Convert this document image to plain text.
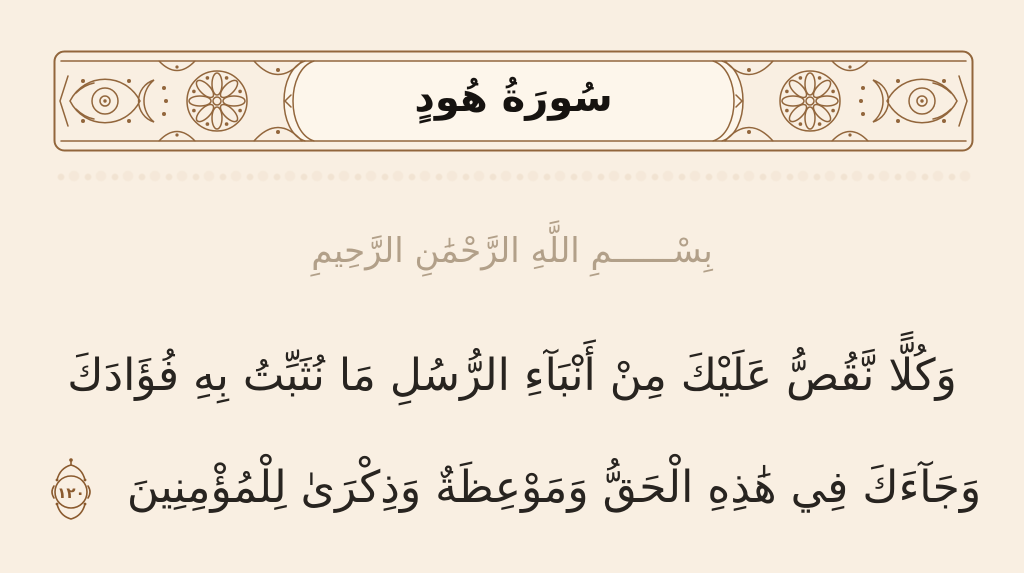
سُورَةُ هُودٍ
بِسْــــــمِ اللَّهِ الرَّحْمَٰنِ الرَّحِيمِ
وَكُلًّا نَّقُصُّ عَلَيْكَ مِنْ أَنْبَآءِ الرُّسُلِ مَا نُثَبِّتُ بِهِ فُؤَادَكَ
وَجَآءَكَ فِي هَٰذِهِ الْحَقُّ وَمَوْعِظَةٌ وَذِكْرَىٰ لِلْمُؤْمِنِينَ
١٢٠
